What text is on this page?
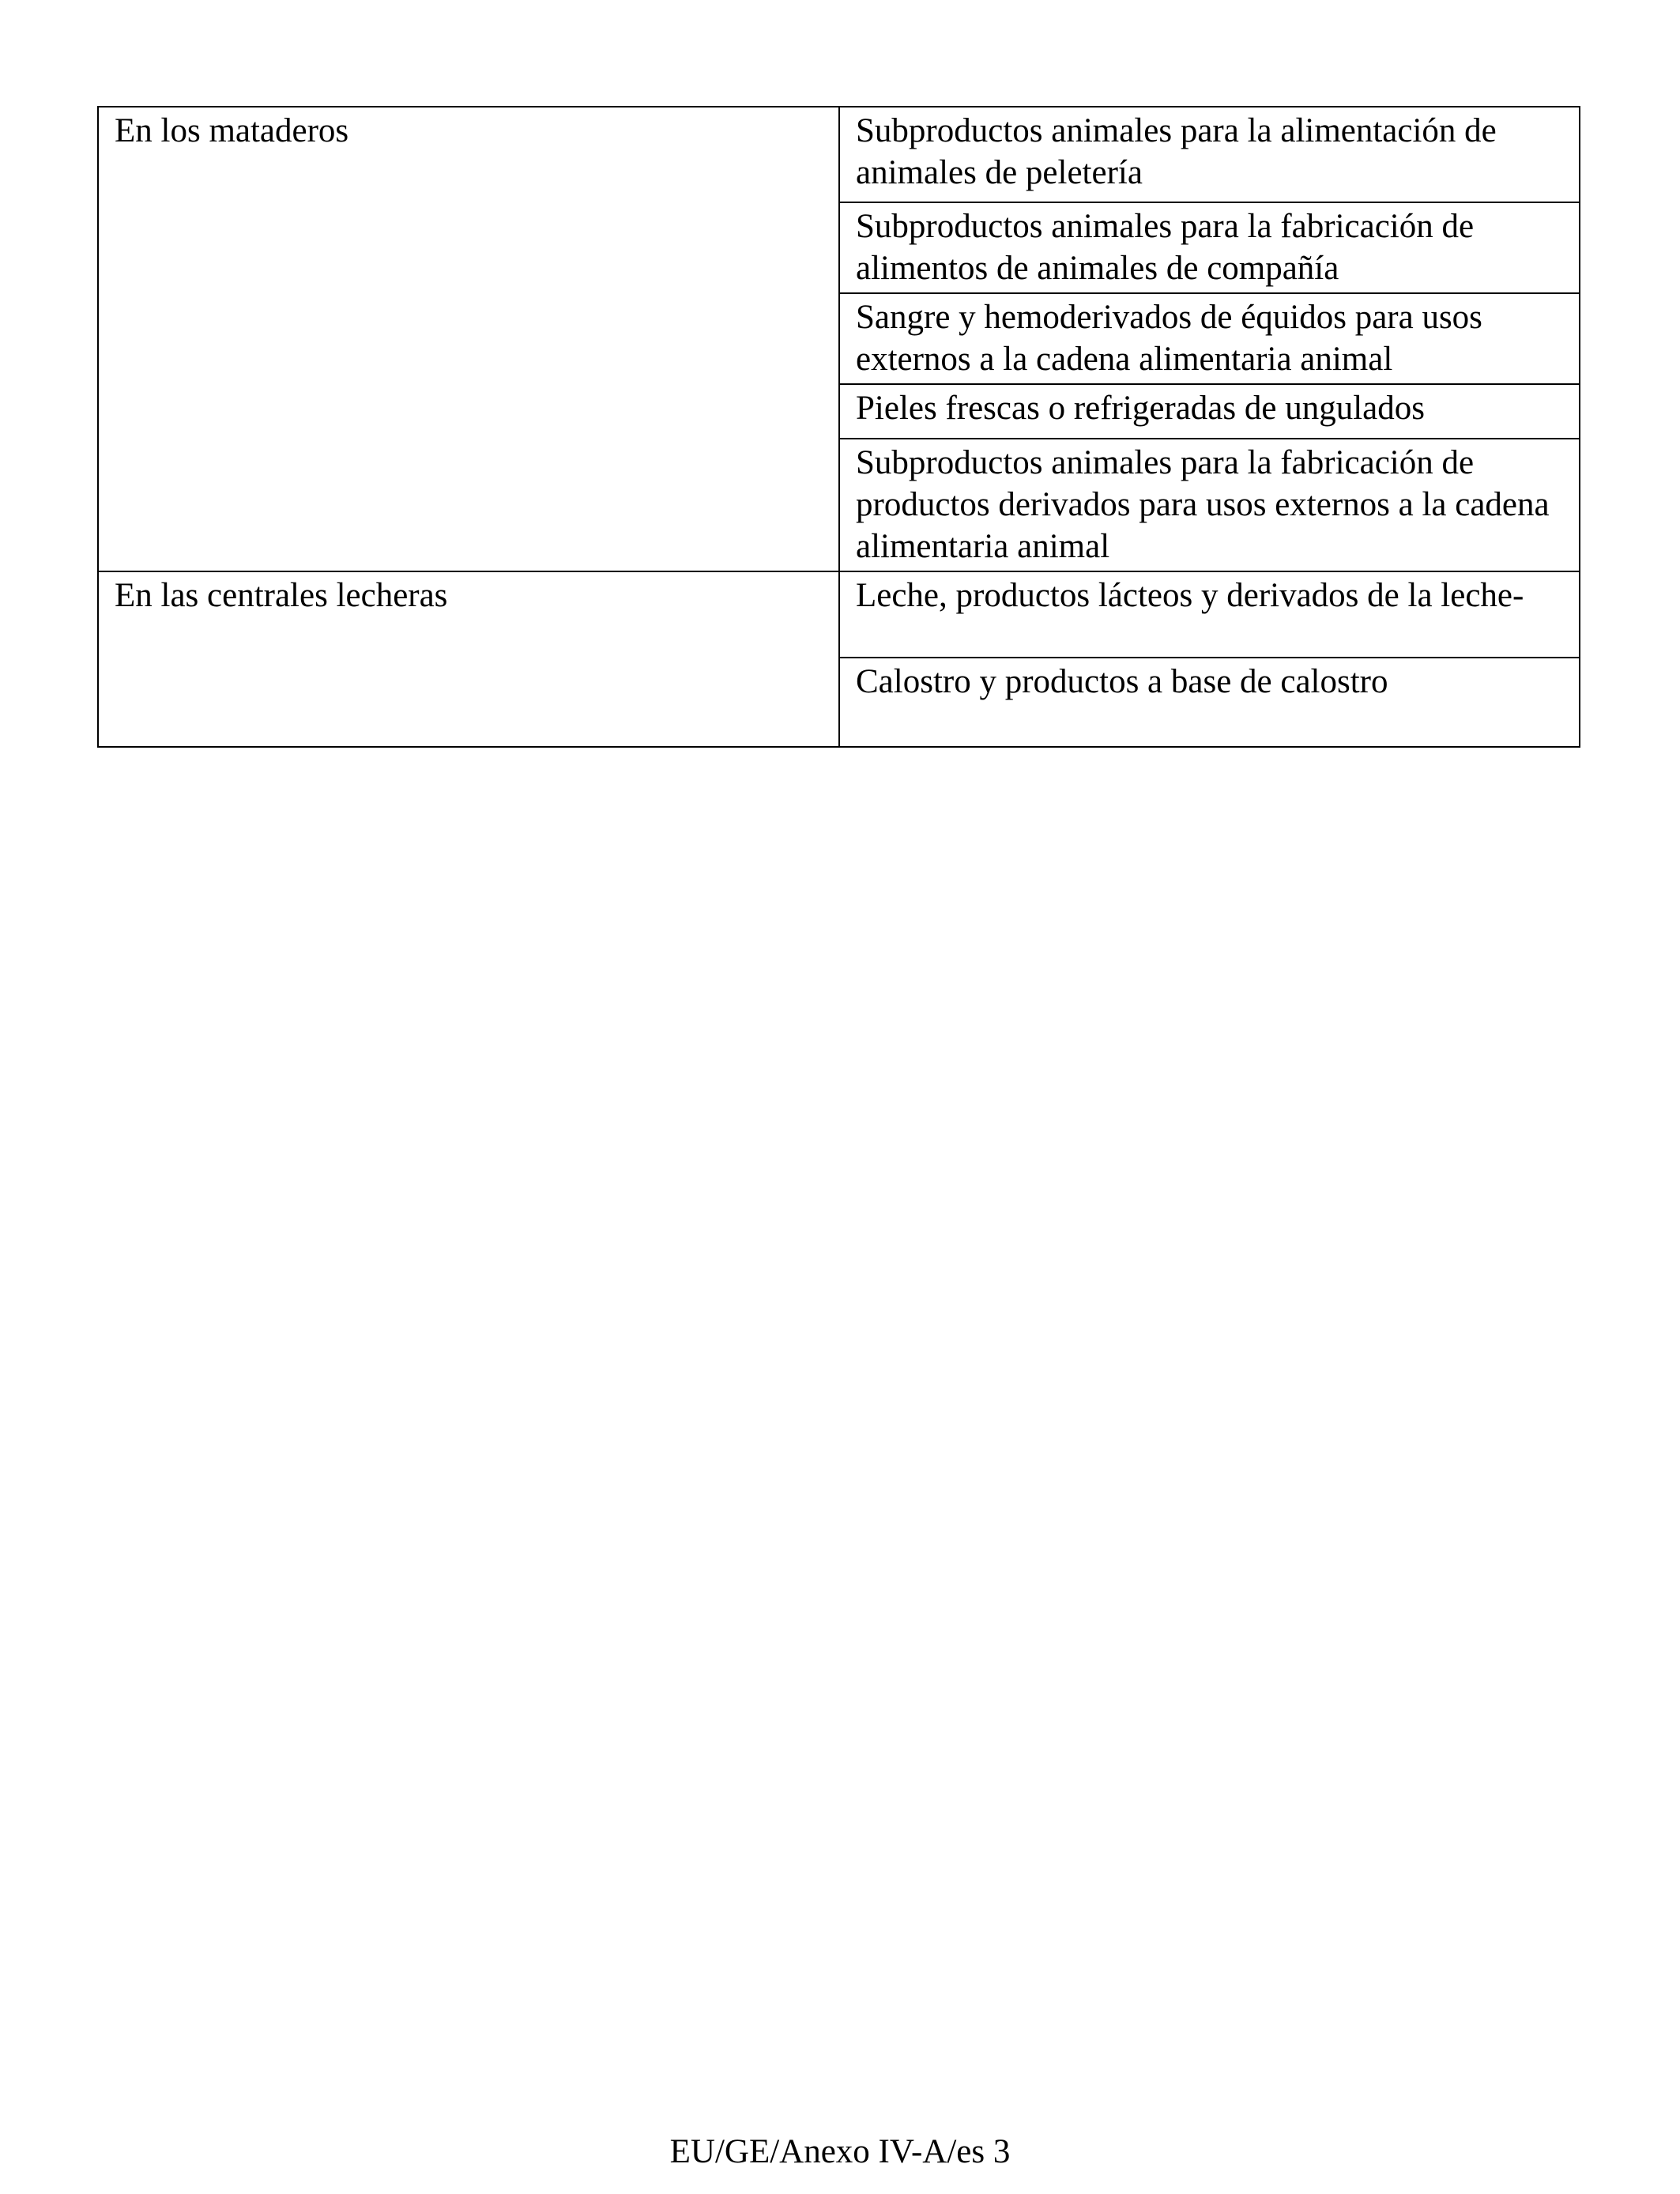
En los mataderos	Subproductos animales para la alimentación de animales de peletería
	Subproductos animales para la fabricación de alimentos de animales de compañía
	Sangre y hemoderivados de équidos para usos externos a la cadena alimentaria animal
	Pieles frescas o refrigeradas de ungulados
	Subproductos animales para la fabricación de productos derivados para usos externos a la cadena alimentaria animal
En las centrales lecheras	Leche, productos lácteos y derivados de la leche-
	Calostro y productos a base de calostro
EU/GE/Anexo IV-A/es 3
